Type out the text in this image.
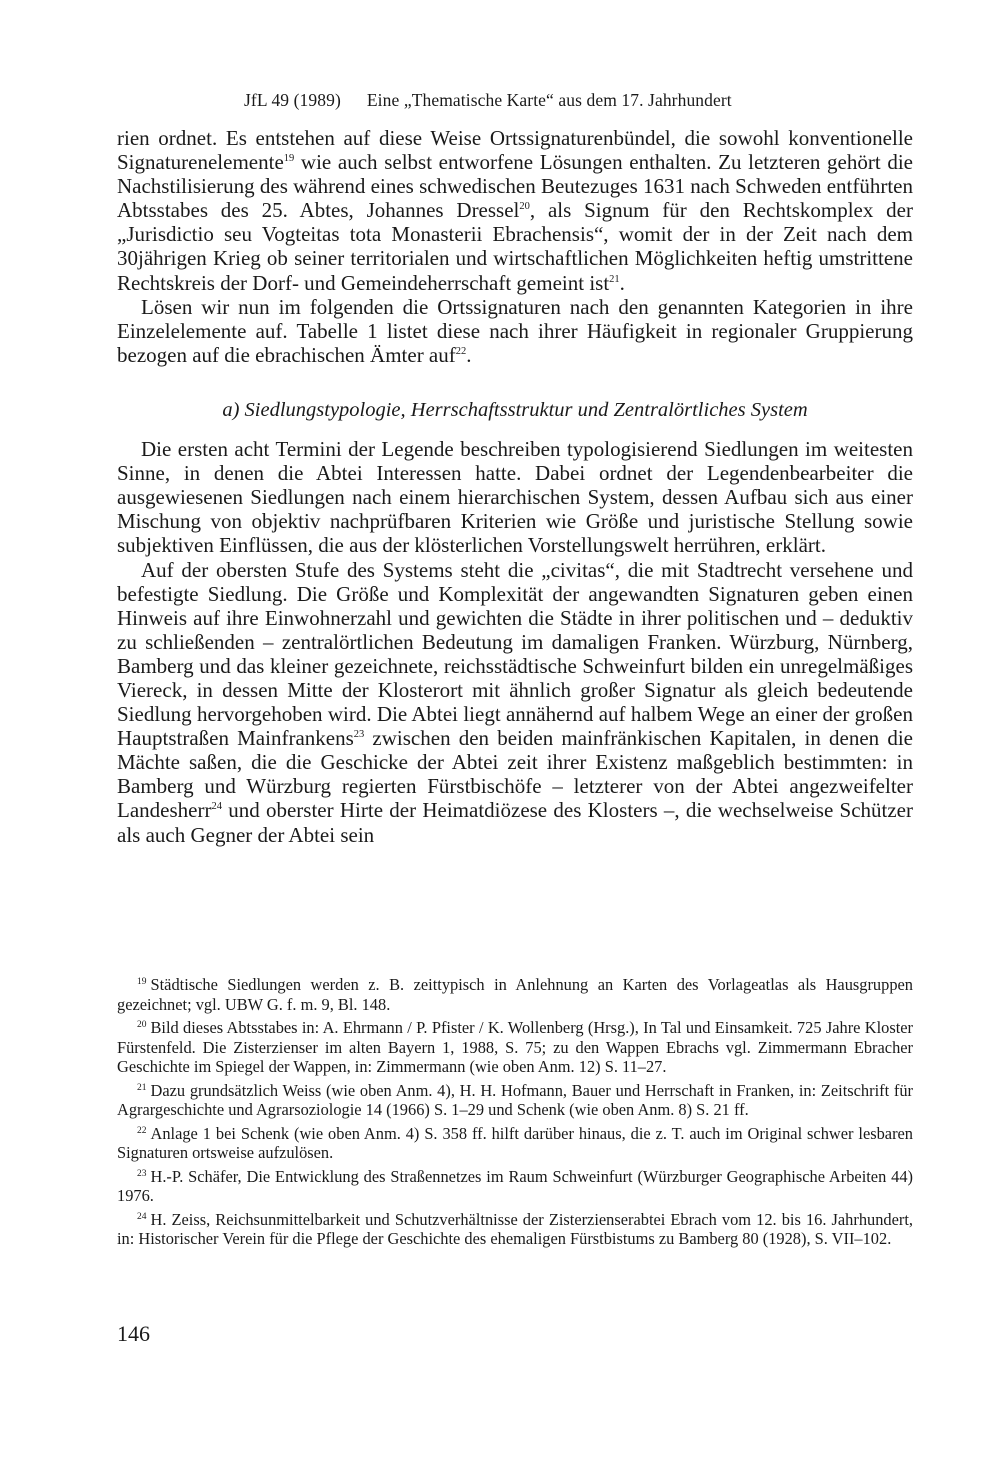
JfL 49 (1989) Eine „Thematische Karte“ aus dem 17. Jahrhundert

rien ordnet. Es entstehen auf diese Weise Ortssignaturenbündel, die sowohl konventionelle Signaturenelemente$^{19}$ wie auch selbst entworfene Lösungen enthalten. Zu letzteren gehört die Nachstilisierung des während eines schwedischen Beutezuges 1631 nach Schweden entführten Abtsstabes des 25. Abtes, Johannes Dressel$^{20}$, als Signum für den Rechtskomplex der „Jurisdictio seu Vogteitas tota Monasterii Ebrachensis“, womit der in der Zeit nach dem 30jährigen Krieg ob seiner territorialen und wirtschaftlichen Möglichkeiten heftig umstrittene Rechtskreis der Dorf- und Gemeindeherrschaft gemeint ist$^{21}$.

Lösen wir nun im folgenden die Ortssignaturen nach den genannten Kategorien in ihre Einzelelemente auf. Tabelle 1 listet diese nach ihrer Häufigkeit in regionaler Gruppierung bezogen auf die ebrachischen Ämter auf$^{22}$.

a) Siedlungstypologie, Herrschaftsstruktur und Zentralörtliches System

Die ersten acht Termini der Legende beschreiben typologisierend Siedlungen im weitesten Sinne, in denen die Abtei Interessen hatte. Dabei ordnet der Legendenbearbeiter die ausgewiesenen Siedlungen nach einem hierarchischen System, dessen Aufbau sich aus einer Mischung von objektiv nachprüfbaren Kriterien wie Größe und juristische Stellung sowie subjektiven Einflüssen, die aus der klösterlichen Vorstellungswelt herrühren, erklärt.

Auf der obersten Stufe des Systems steht die „civitas“, die mit Stadtrecht versehene und befestigte Siedlung. Die Größe und Komplexität der angewandten Signaturen geben einen Hinweis auf ihre Einwohnerzahl und gewichten die Städte in ihrer politischen und – deduktiv zu schließenden – zentralörtlichen Bedeutung im damaligen Franken. Würzburg, Nürnberg, Bamberg und das kleiner gezeichnete, reichsstädtische Schweinfurt bilden ein unregelmäßiges Viereck, in dessen Mitte der Klosterort mit ähnlich großer Signatur als gleich bedeutende Siedlung hervorgehoben wird. Die Abtei liegt annähernd auf halbem Wege an einer der großen Hauptstraßen Mainfrankens$^{23}$ zwischen den beiden mainfränkischen Kapitalen, in denen die Mächte saßen, die die Geschicke der Abtei zeit ihrer Existenz maßgeblich bestimmten: in Bamberg und Würzburg regierten Fürstbischöfe – letzterer von der Abtei angezweifelter Landesherr$^{24}$ und oberster Hirte der Heimatdiözese des Klosters –, die wechselweise Schützer als auch Gegner der Abtei sein

$^{19}$ Städtische Siedlungen werden z. B. zeittypisch in Anlehnung an Karten des Vorlageatlas als Hausgruppen gezeichnet; vgl. UBW G. f. m. 9, Bl. 148.

$^{20}$ Bild dieses Abtsstabes in: A. Ehrmann / P. Pfister / K. Wollenberg (Hrsg.), In Tal und Einsamkeit. 725 Jahre Kloster Fürstenfeld. Die Zisterzienser im alten Bayern 1, 1988, S. 75; zu den Wappen Ebrachs vgl. Zimmermann Ebracher Geschichte im Spiegel der Wappen, in: Zimmermann (wie oben Anm. 12) S. 11–27.

$^{21}$ Dazu grundsätzlich Weiss (wie oben Anm. 4), H. H. Hofmann, Bauer und Herrschaft in Franken, in: Zeitschrift für Agrargeschichte und Agrarsoziologie 14 (1966) S. 1–29 und Schenk (wie oben Anm. 8) S. 21 ff.

$^{22}$ Anlage 1 bei Schenk (wie oben Anm. 4) S. 358 ff. hilft darüber hinaus, die z. T. auch im Original schwer lesbaren Signaturen ortsweise aufzulösen.

$^{23}$ H.-P. Schäfer, Die Entwicklung des Straßennetzes im Raum Schweinfurt (Würzburger Geographische Arbeiten 44) 1976.

$^{24}$ H. Zeiss, Reichsunmittelbarkeit und Schutzverhältnisse der Zisterzienserabtei Ebrach vom 12. bis 16. Jahrhundert, in: Historischer Verein für die Pflege der Geschichte des ehemaligen Fürstbistums zu Bamberg 80 (1928), S. VII–102.

146
